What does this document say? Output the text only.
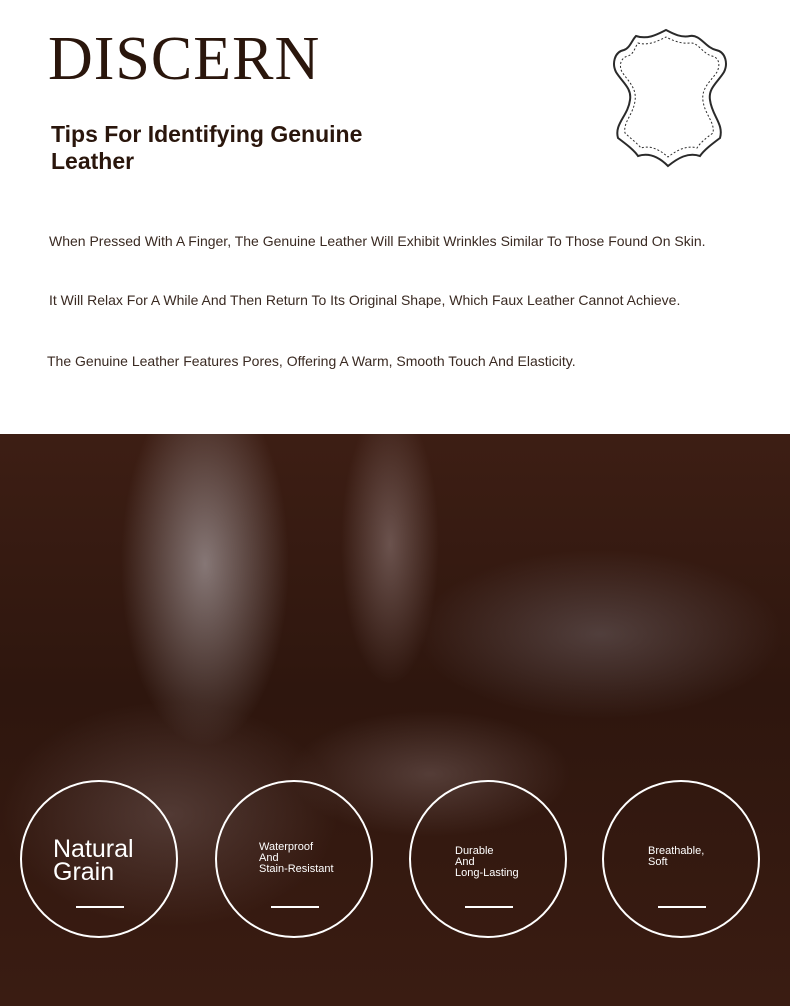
DISCERN
Tips For Identifying Genuine Leather
When Pressed With A Finger, The Genuine Leather Will Exhibit Wrinkles Similar To Those Found On Skin.
It Will Relax For A While And Then Return To Its Original Shape, Which Faux Leather Cannot Achieve.
The Genuine Leather Features Pores, Offering A Warm, Smooth Touch And Elasticity.
Natural
Grain
Waterproof
And
Stain-Resistant
Durable
And
Long-Lasting
Breathable,
Soft
